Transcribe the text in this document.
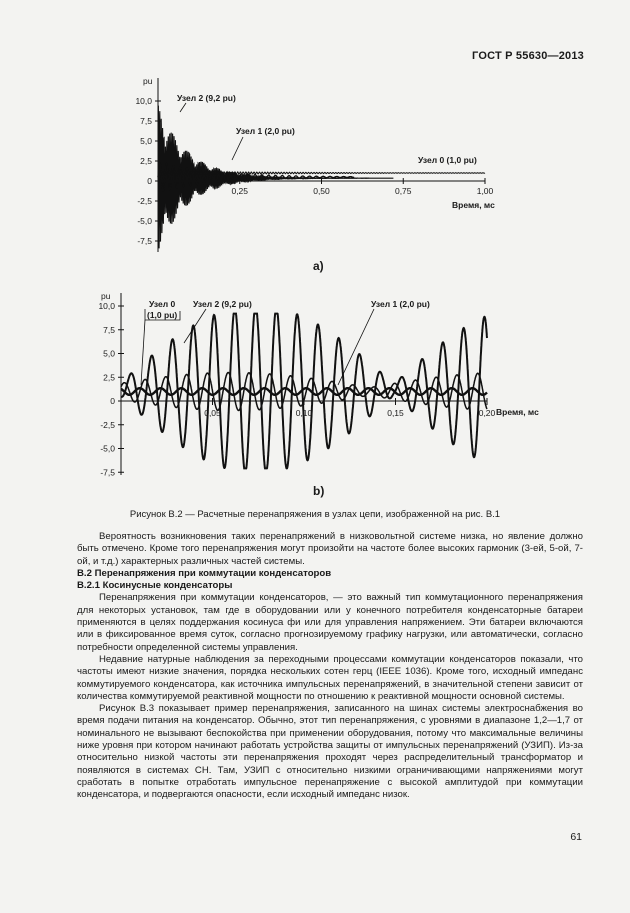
ГОСТ Р 55630—2013
10,0
7,5
5,0
2,5
0
-2,5
-5,0
-7,5
0,25	0,50	0,75	1,00
pu
Время, мс
Узел 2 (9,2 pu)
Узел 1 (2,0 pu)
Узел 0 (1,0 pu)
а)
10,0
7,5
5,0
2,5
0
-2,5
-5,0
-7,5
0,05	0,10	0,15	0,20
pu
Время, мс
Узел 0
(1,0 pu)
Узел 2 (9,2 pu)	Узел 1 (2,0 pu)
b)
Рисунок В.2 — Расчетные перенапряжения в узлах цепи, изображенной на рис. В.1

Вероятность возникновения таких перенапряжений в низковольтной системе низка, но явление должно быть отмечено. Кроме того перенапряжения могут произойти на частоте более высоких гармоник (3-ей, 5-ой, 7-ой, и т.д.) характерных различных частей системы.

В.2 Перенапряжения при коммутации конденсаторов
В.2.1 Косинусные конденсаторы

Перенапряжения при коммутации конденсаторов, — это важный тип коммутационного перенапряжения для некоторых установок, там где в оборудовании или у конечного потребителя конденсаторные батареи применяются в целях поддержания косинуса фи или для управления напряжением. Эти батареи включаются или в фиксированное время суток, согласно прогнозируемому графику нагрузки, или автоматически, согласно потребности определенной системы управления.

Недавние натурные наблюдения за переходными процессами коммутации конденсаторов показали, что частоты имеют низкие значения, порядка нескольких сотен герц (IEEE 1036). Кроме того, исходный импеданс коммутируемого конденсатора, как источника импульсных перенапряжений, в значительной степени зависит от количества коммутируемой реактивной мощности по отношению к реактивной мощности основной системы.

Рисунок В.3 показывает пример перенапряжения, записанного на шинах системы электроснабжения во время подачи питания на конденсатор. Обычно, этот тип перенапряжения, с уровнями в диапазоне 1,2—1,7 от номинального не вызывают беспокойства при применении оборудования, потому что максимальные величины ниже уровня при котором начинают работать устройства защиты от импульсных перенапряжений (УЗИП). Из-за относительно низкой частоты эти перенапряжения проходят через распределительный трансформатор и появляются в системах СН. Там, УЗИП с относительно низкими ограничивающими напряжениями могут сработать в попытке отработать импульсное перенапряжение с высокой амплитудой при коммутации конденсатора, и подвергаются опасности, если исходный импеданс низок.

61
